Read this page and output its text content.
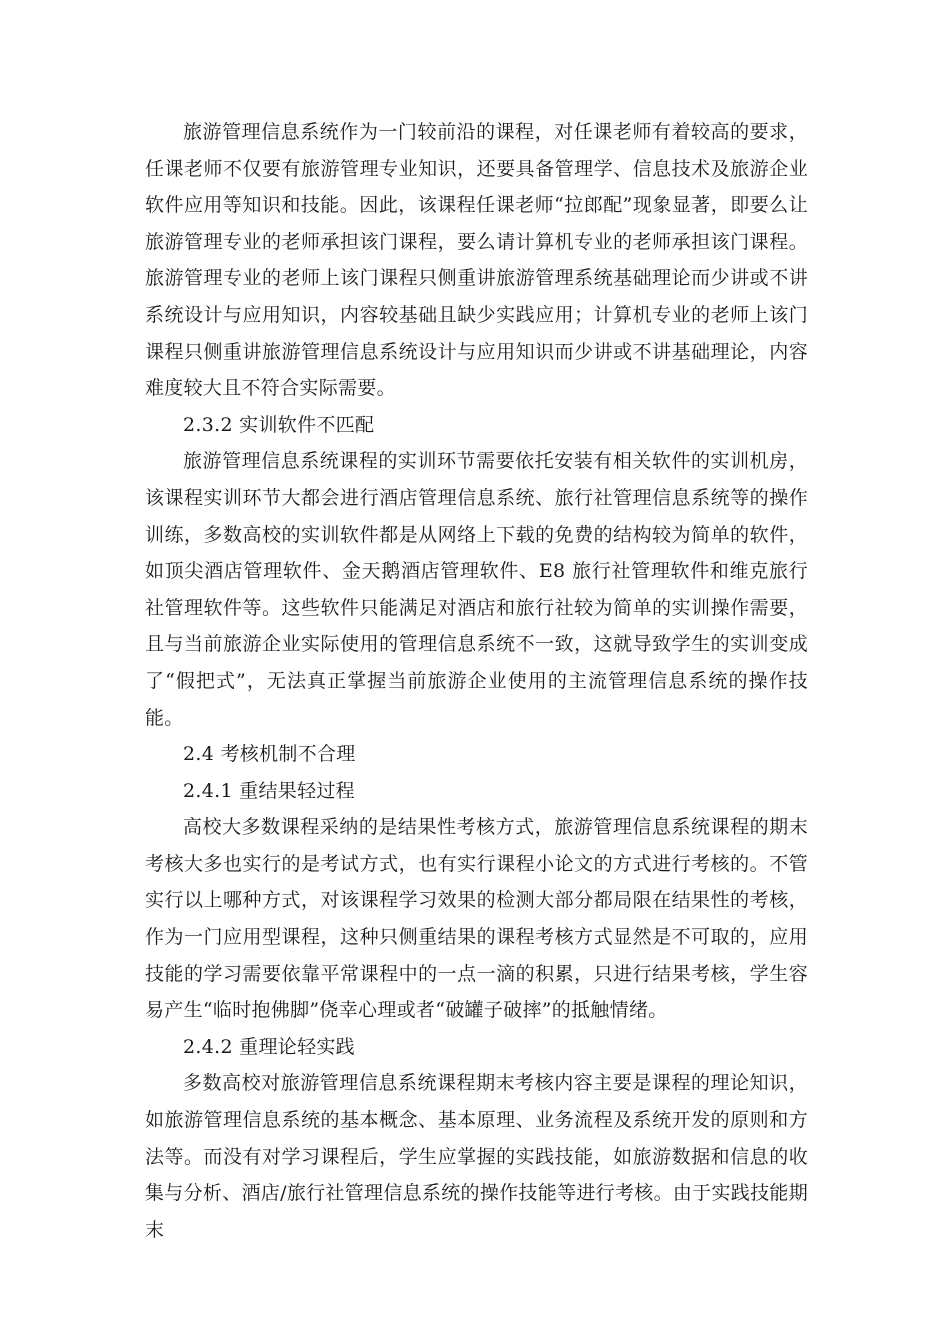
旅游管理信息系统作为一门较前沿的课程，对任课老师有着较高的要求，任课老师不仅要有旅游管理专业知识，还要具备管理学、信息技术及旅游企业软件应用等知识和技能。因此，该课程任课老师“拉郎配”现象显著，即要么让旅游管理专业的老师承担该门课程，要么请计算机专业的老师承担该门课程。旅游管理专业的老师上该门课程只侧重讲旅游管理系统基础理论而少讲或不讲系统设计与应用知识，内容较基础且缺少实践应用；计算机专业的老师上该门课程只侧重讲旅游管理信息系统设计与应用知识而少讲或不讲基础理论，内容难度较大且不符合实际需要。

2.3.2 实训软件不匹配

旅游管理信息系统课程的实训环节需要依托安装有相关软件的实训机房，该课程实训环节大都会进行酒店管理信息系统、旅行社管理信息系统等的操作训练，多数高校的实训软件都是从网络上下载的免费的结构较为简单的软件，如顶尖酒店管理软件、金天鹅酒店管理软件、E8 旅行社管理软件和维克旅行社管理软件等。这些软件只能满足对酒店和旅行社较为简单的实训操作需要，且与当前旅游企业实际使用的管理信息系统不一致，这就导致学生的实训变成了“假把式”，无法真正掌握当前旅游企业使用的主流管理信息系统的操作技能。

2.4 考核机制不合理

2.4.1 重结果轻过程

高校大多数课程采纳的是结果性考核方式，旅游管理信息系统课程的期末考核大多也实行的是考试方式，也有实行课程小论文的方式进行考核的。不管实行以上哪种方式，对该课程学习效果的检测大部分都局限在结果性的考核，作为一门应用型课程，这种只侧重结果的课程考核方式显然是不可取的，应用技能的学习需要依靠平常课程中的一点一滴的积累，只进行结果考核，学生容易产生“临时抱佛脚”侥幸心理或者“破罐子破摔”的抵触情绪。

2.4.2 重理论轻实践

多数高校对旅游管理信息系统课程期末考核内容主要是课程的理论知识，如旅游管理信息系统的基本概念、基本原理、业务流程及系统开发的原则和方法等。而没有对学习课程后，学生应掌握的实践技能，如旅游数据和信息的收集与分析、酒店/旅行社管理信息系统的操作技能等进行考核。由于实践技能期末
